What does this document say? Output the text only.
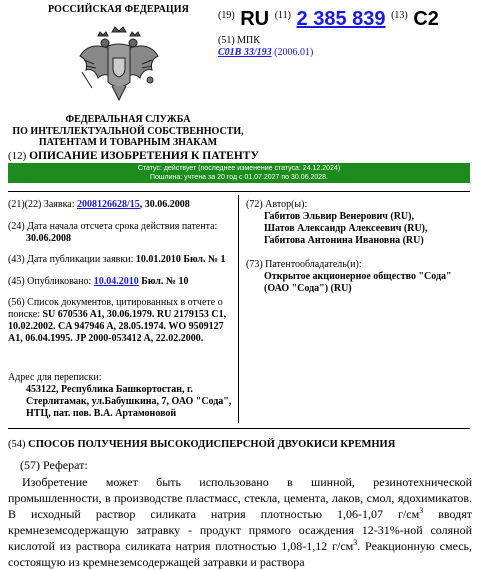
РОССИЙСКАЯ ФЕДЕРАЦИЯ
ФЕДЕРАЛЬНАЯ СЛУЖБА
ПО ИНТЕЛЛЕКТУАЛЬНОЙ СОБСТВЕННОСТИ,
ПАТЕНТАМ И ТОВАРНЫМ ЗНАКАМ
$^{(19)}$ RU $^{(11)}$ 2 385 839 $^{(13)}$ C2
(51) МПК
C01B 33/193 (2006.01)
(12) ОПИСАНИЕ ИЗОБРЕТЕНИЯ К ПАТЕНТУ
Статус: действует (последнее изменение статуса: 24.12.2024)
Пошлина: учтена за 20 год с 01.07.2027 по 30.06.2028.
(21)(22) Заявка: 2008126628/15, 30.06.2008
(24) Дата начала отсчета срока действия патента:
30.06.2008
(43) Дата публикации заявки: 10.01.2010 Бюл. № 1
(45) Опубликовано: 10.04.2010 Бюл. № 10
(56) Список документов, цитированных в отчете о поиске: SU 670536 A1, 30.06.1979. RU 2179153 C1, 10.02.2002. CA 947946 A, 28.05.1974. WO 9509127 A1, 06.04.1995. JP 2000-053412 A, 22.02.2000.
Адрес для переписки:
453122, Республика Башкортостан, г. Стерлитамак, ул.Бабушкина, 7, ОАО "Сода", НТЦ, пат. пов. В.А. Артамоновой
(72) Автор(ы):
Габитов Эльвир Венерович (RU),
Шатов Александр Алексеевич (RU),
Габитова Антонина Ивановна (RU)
(73) Патентообладатель(и):
Открытое акционерное общество "Сода" (ОАО "Сода") (RU)
(54) СПОСОБ ПОЛУЧЕНИЯ ВЫСОКОДИСПЕРСНОЙ ДВУОКИСИ КРЕМНИЯ
(57) Реферат:
Изобретение может быть использовано в шинной, резинотехнической промышленности, в производстве пластмасс, стекла, цемента, лаков, смол, ядохимикатов. В исходный раствор силиката натрия плотностью 1,06-1,07 $г/см^3$ вводят кремнеземсодержащую затравку - продукт прямого осаждения 12-31%-ной соляной кислотой из раствора силиката натрия плотностью 1,08-1,12 $г/см^3$. Реакционную смесь, состоящую из кремнеземсодержащей затравки и раствора
